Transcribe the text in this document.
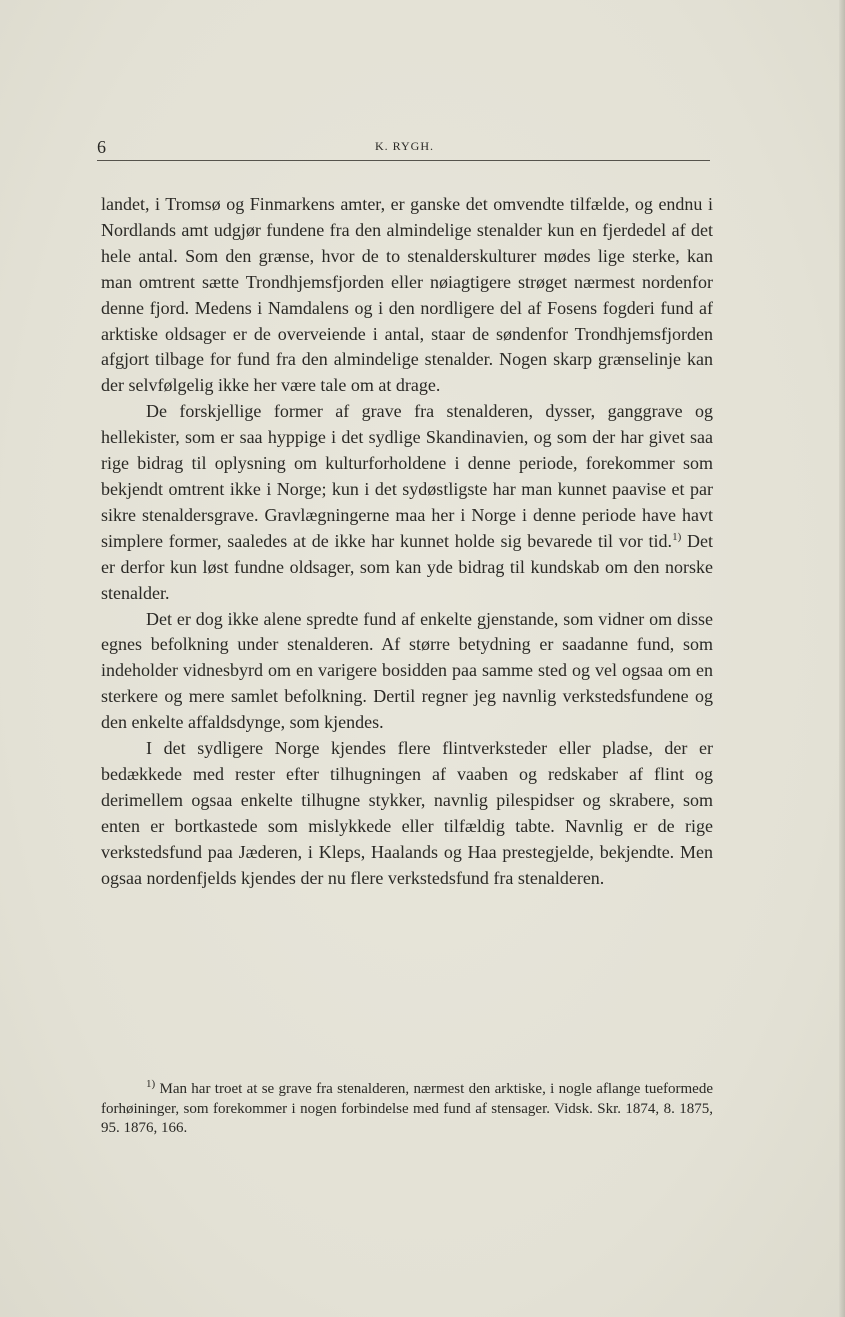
6	K. RYGH.

landet, i Tromsø og Finmarkens amter, er ganske det omvendte tilfælde, og endnu i Nordlands amt udgjør fundene fra den almindelige stenalder kun en fjerdedel af det hele antal. Som den grænse, hvor de to stenalderskulturer mødes lige sterke, kan man omtrent sætte Trondhjemsfjorden eller nøiagtigere strøget nærmest nordenfor denne fjord. Medens i Namdalens og i den nordligere del af Fosens fogderi fund af arktiske oldsager er de overveiende i antal, staar de søndenfor Trondhjemsfjorden afgjort tilbage for fund fra den almindelige stenalder. Nogen skarp grænselinje kan der selvfølgelig ikke her være tale om at drage.

De forskjellige former af grave fra stenalderen, dysser, ganggrave og hellekister, som er saa hyppige i det sydlige Skandinavien, og som der har givet saa rige bidrag til oplysning om kulturforholdene i denne periode, forekommer som bekjendt omtrent ikke i Norge; kun i det sydøstligste har man kunnet paavise et par sikre stenaldersgrave. Gravlægningerne maa her i Norge i denne periode have havt simplere former, saaledes at de ikke har kunnet holde sig bevarede til vor tid.$^{1)}$ Det er derfor kun løst fundne oldsager, som kan yde bidrag til kundskab om den norske stenalder.

Det er dog ikke alene spredte fund af enkelte gjenstande, som vidner om disse egnes befolkning under stenalderen. Af større betydning er saadanne fund, som indeholder vidnesbyrd om en varigere bosidden paa samme sted og vel ogsaa om en sterkere og mere samlet befolkning. Dertil regner jeg navnlig verkstedsfundene og den enkelte affaldsdynge, som kjendes.

I det sydligere Norge kjendes flere flintverksteder eller pladse, der er bedækkede med rester efter tilhugningen af vaaben og redskaber af flint og derimellem ogsaa enkelte tilhugne stykker, navnlig pilespidser og skrabere, som enten er bortkastede som mislykkede eller tilfældig tabte. Navnlig er de rige verkstedsfund paa Jæderen, i Kleps, Haalands og Haa prestegjelde, bekjendte. Men ogsaa nordenfjelds kjendes der nu flere verkstedsfund fra stenalderen.

$^{1)}$ Man har troet at se grave fra stenalderen, nærmest den arktiske, i nogle aflange tueformede forhøininger, som forekommer i nogen forbindelse med fund af stensager. Vidsk. Skr. 1874, 8. 1875, 95. 1876, 166.
